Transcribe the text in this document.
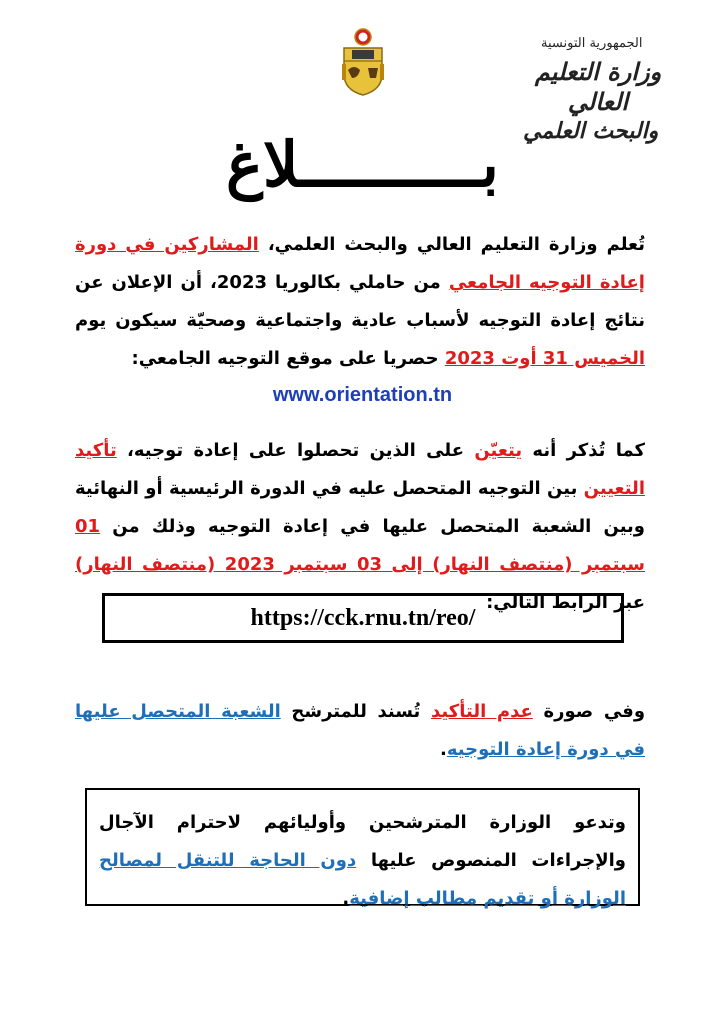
الجمهورية التونسية
وزارة التعليم العالي
والبحث العلمي
بــــــــــلاغ
تُعلم وزارة التعليم العالي والبحث العلمي، المشاركين في دورة إعادة التوجيه الجامعي من حاملي بكالوريا 2023، أن الإعلان عن نتائج إعادة التوجيه لأسباب عادية واجتماعية وصحيّة سيكون يوم الخميس 31 أوت 2023 حصريا على موقع التوجيه الجامعي:
www.orientation.tn
كما تُذكر أنه يتعيّن على الذين تحصلوا على إعادة توجيه، تأكيد التعيين بين التوجيه المتحصل عليه في الدورة الرئيسية أو النهائية وبين الشعبة المتحصل عليها في إعادة التوجيه وذلك من 01 سبتمبر (منتصف النهار) إلى 03 سبتمبر 2023 (منتصف النهار) عبر الرابط التالي:
https://cck.rnu.tn/reo/
وفي صورة عدم التأكيد تُسند للمترشح الشعبة المتحصل عليها في دورة إعادة التوجيه.
وتدعو الوزارة المترشحين وأوليائهم لاحترام الآجال والإجراءات المنصوص عليها دون الحاجة للتنقل لمصالح الوزارة أو تقديم مطالب إضافية.
